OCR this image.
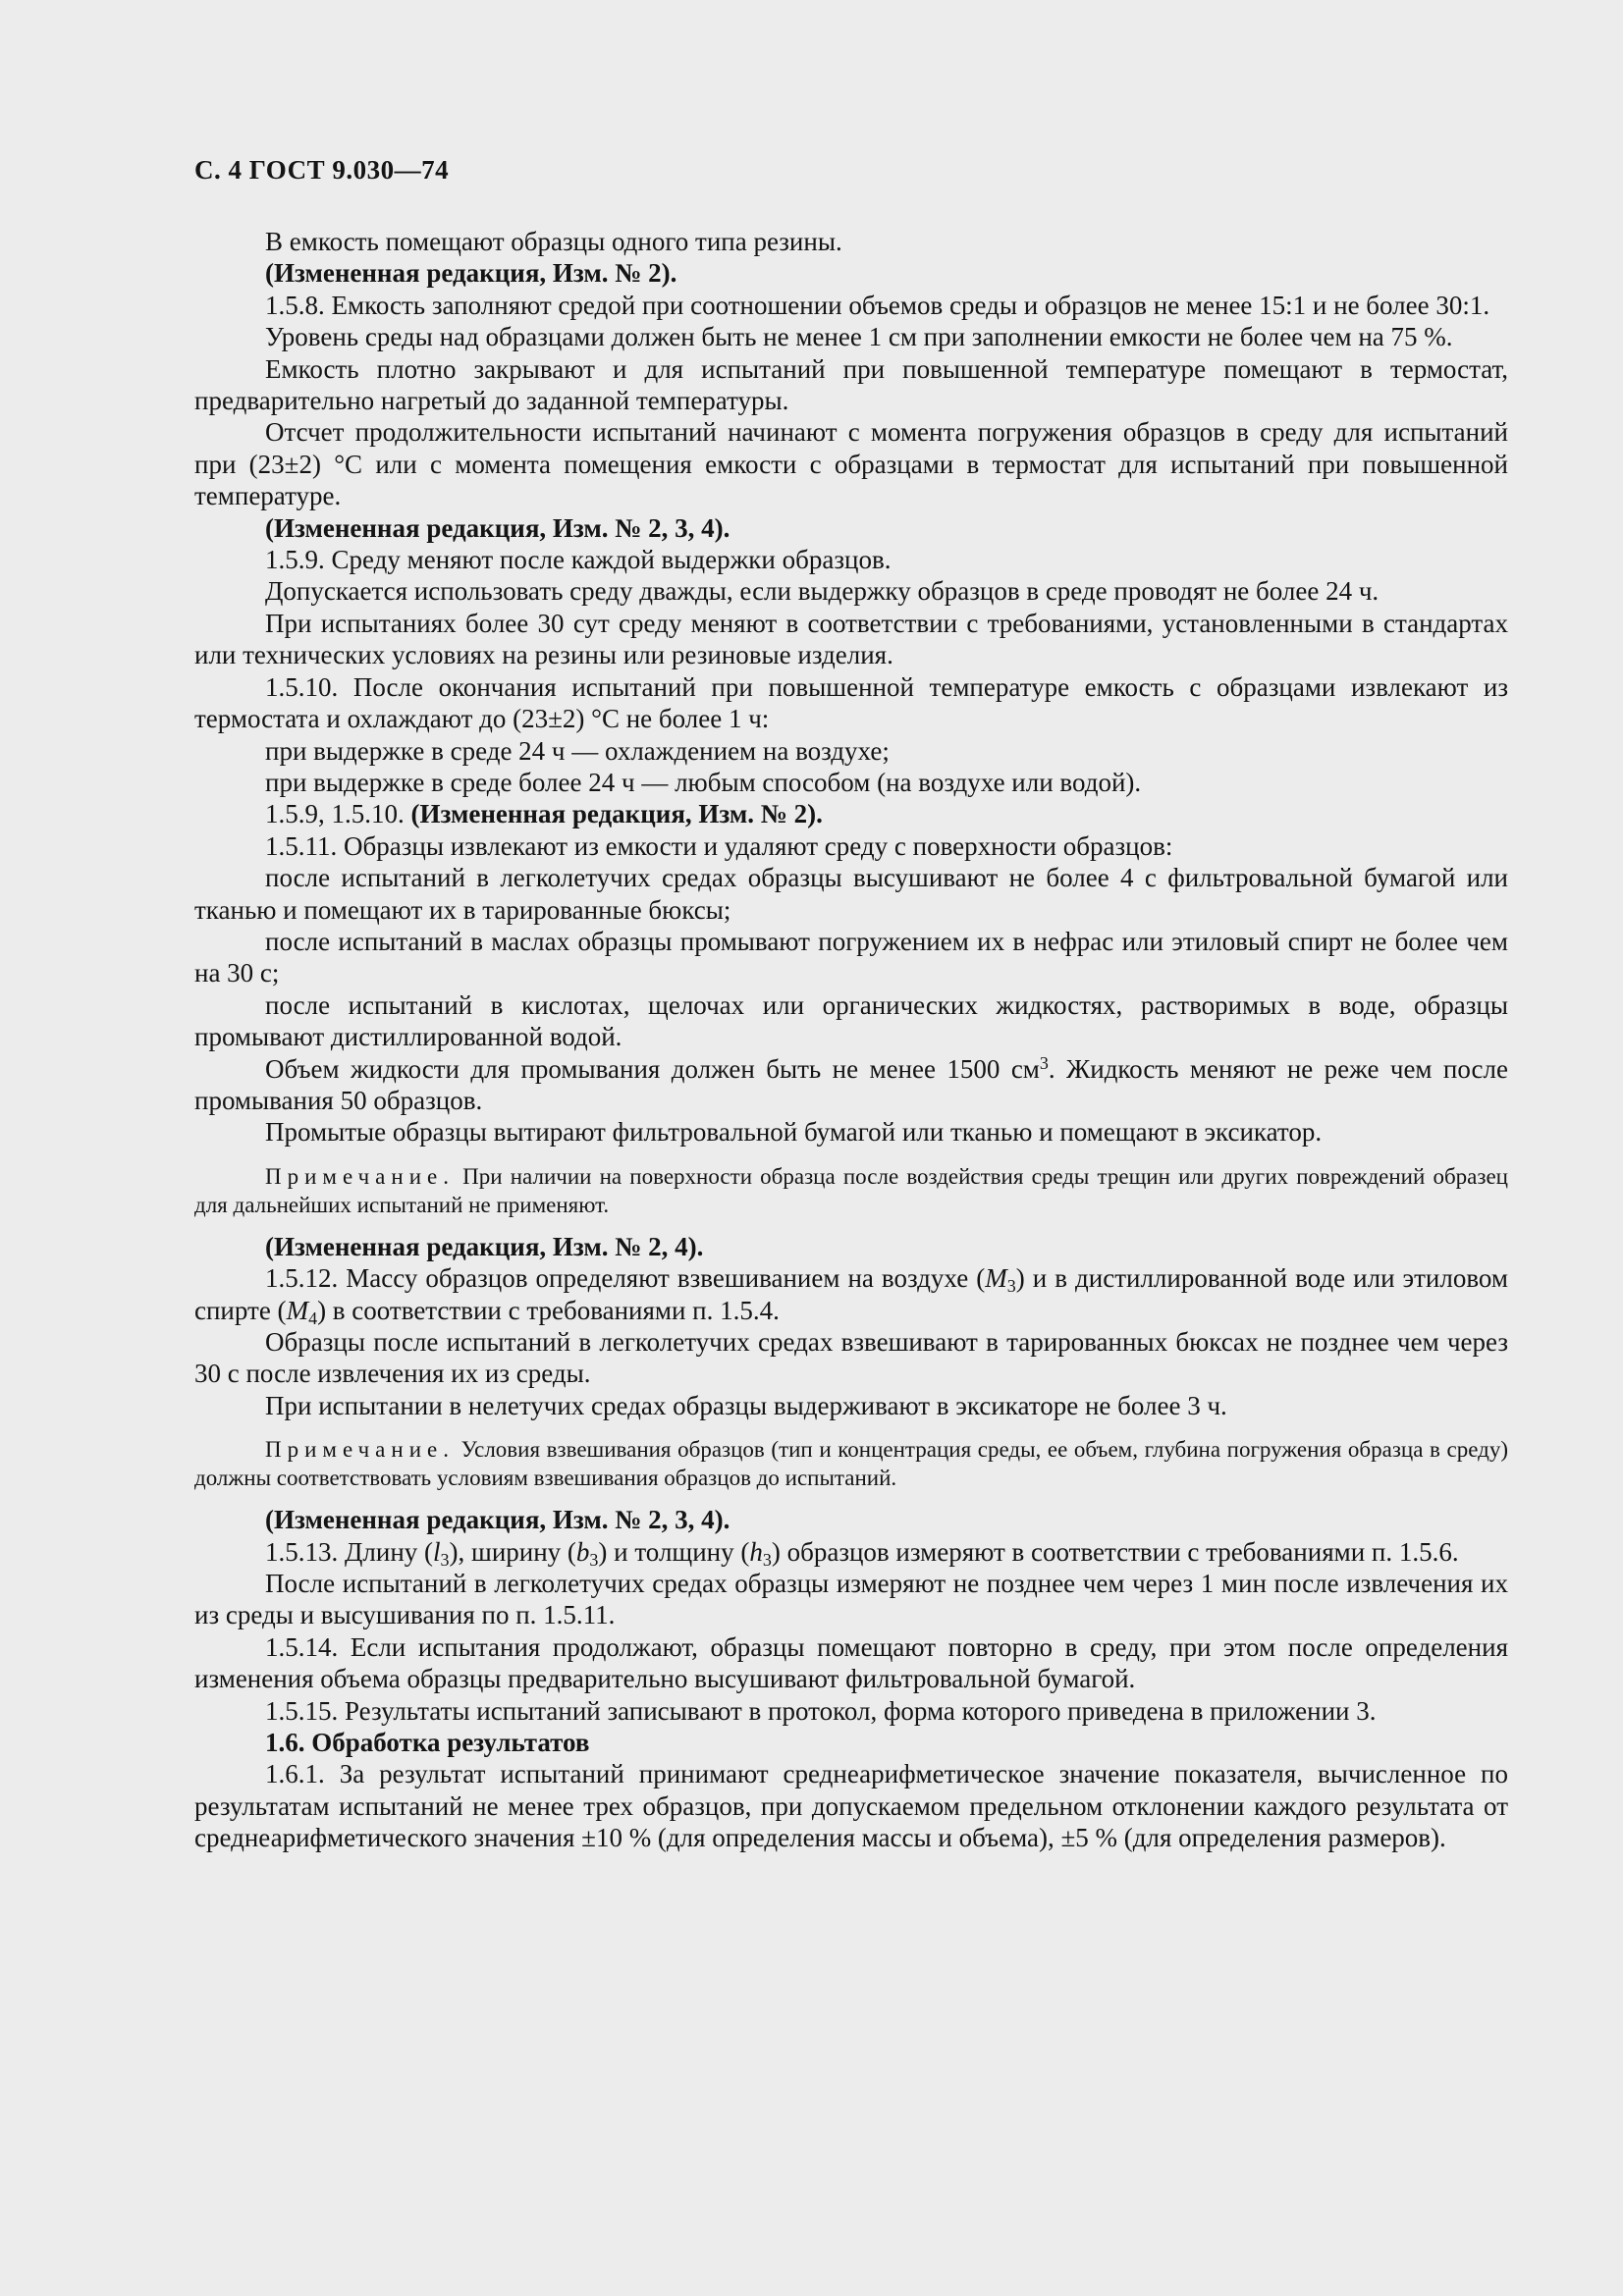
С. 4 ГОСТ 9.030—74

В емкость помещают образцы одного типа резины.

(Измененная редакция, Изм. № 2).

1.5.8. Емкость заполняют средой при соотношении объемов среды и образцов не менее 15:1 и не более 30:1.

Уровень среды над образцами должен быть не менее 1 см при заполнении емкости не более чем на 75 %.

Емкость плотно закрывают и для испытаний при повышенной температуре помещают в термостат, предварительно нагретый до заданной температуры.

Отсчет продолжительности испытаний начинают с момента погружения образцов в среду для испытаний при (23±2) °С или с момента помещения емкости с образцами в термостат для испытаний при повышенной температуре.

(Измененная редакция, Изм. № 2, 3, 4).

1.5.9. Среду меняют после каждой выдержки образцов.

Допускается использовать среду дважды, если выдержку образцов в среде проводят не более 24 ч.

При испытаниях более 30 сут среду меняют в соответствии с требованиями, установленными в стандартах или технических условиях на резины или резиновые изделия.

1.5.10. После окончания испытаний при повышенной температуре емкость с образцами извлекают из термостата и охлаждают до (23±2) °С не более 1 ч:

при выдержке в среде 24 ч — охлаждением на воздухе;

при выдержке в среде более 24 ч — любым способом (на воздухе или водой).

1.5.9, 1.5.10. (Измененная редакция, Изм. № 2).

1.5.11. Образцы извлекают из емкости и удаляют среду с поверхности образцов:

после испытаний в легколетучих средах образцы высушивают не более 4 с фильтровальной бумагой или тканью и помещают их в тарированные бюксы;

после испытаний в маслах образцы промывают погружением их в нефрас или этиловый спирт не более чем на 30 с;

после испытаний в кислотах, щелочах или органических жидкостях, растворимых в воде, образцы промывают дистиллированной водой.

Объем жидкости для промывания должен быть не менее 1500 $см^3$. Жидкость меняют не реже чем после промывания 50 образцов.

Промытые образцы вытирают фильтровальной бумагой или тканью и помещают в эксикатор.

Примечание. При наличии на поверхности образца после воздействия среды трещин или других повреждений образец для дальнейших испытаний не применяют.

(Измененная редакция, Изм. № 2, 4).

1.5.12. Массу образцов определяют взвешиванием на воздухе $(M_3)$ и в дистиллированной воде или этиловом спирте $(M_4)$ в соответствии с требованиями п. 1.5.4.

Образцы после испытаний в легколетучих средах взвешивают в тарированных бюксах не позднее чем через 30 с после извлечения их из среды.

При испытании в нелетучих средах образцы выдерживают в эксикаторе не более 3 ч.

Примечание. Условия взвешивания образцов (тип и концентрация среды, ее объем, глубина погружения образца в среду) должны соответствовать условиям взвешивания образцов до испытаний.

(Измененная редакция, Изм. № 2, 3, 4).

1.5.13. Длину $(l_3)$, ширину $(b_3)$ и толщину $(h_3)$ образцов измеряют в соответствии с требованиями п. 1.5.6.

После испытаний в легколетучих средах образцы измеряют не позднее чем через 1 мин после извлечения их из среды и высушивания по п. 1.5.11.

1.5.14. Если испытания продолжают, образцы помещают повторно в среду, при этом после определения изменения объема образцы предварительно высушивают фильтровальной бумагой.

1.5.15. Результаты испытаний записывают в протокол, форма которого приведена в приложении 3.

1.6. Обработка результатов

1.6.1. За результат испытаний принимают среднеарифметическое значение показателя, вычисленное по результатам испытаний не менее трех образцов, при допускаемом предельном отклонении каждого результата от среднеарифметического значения ±10 % (для определения массы и объема), ±5 % (для определения размеров).
